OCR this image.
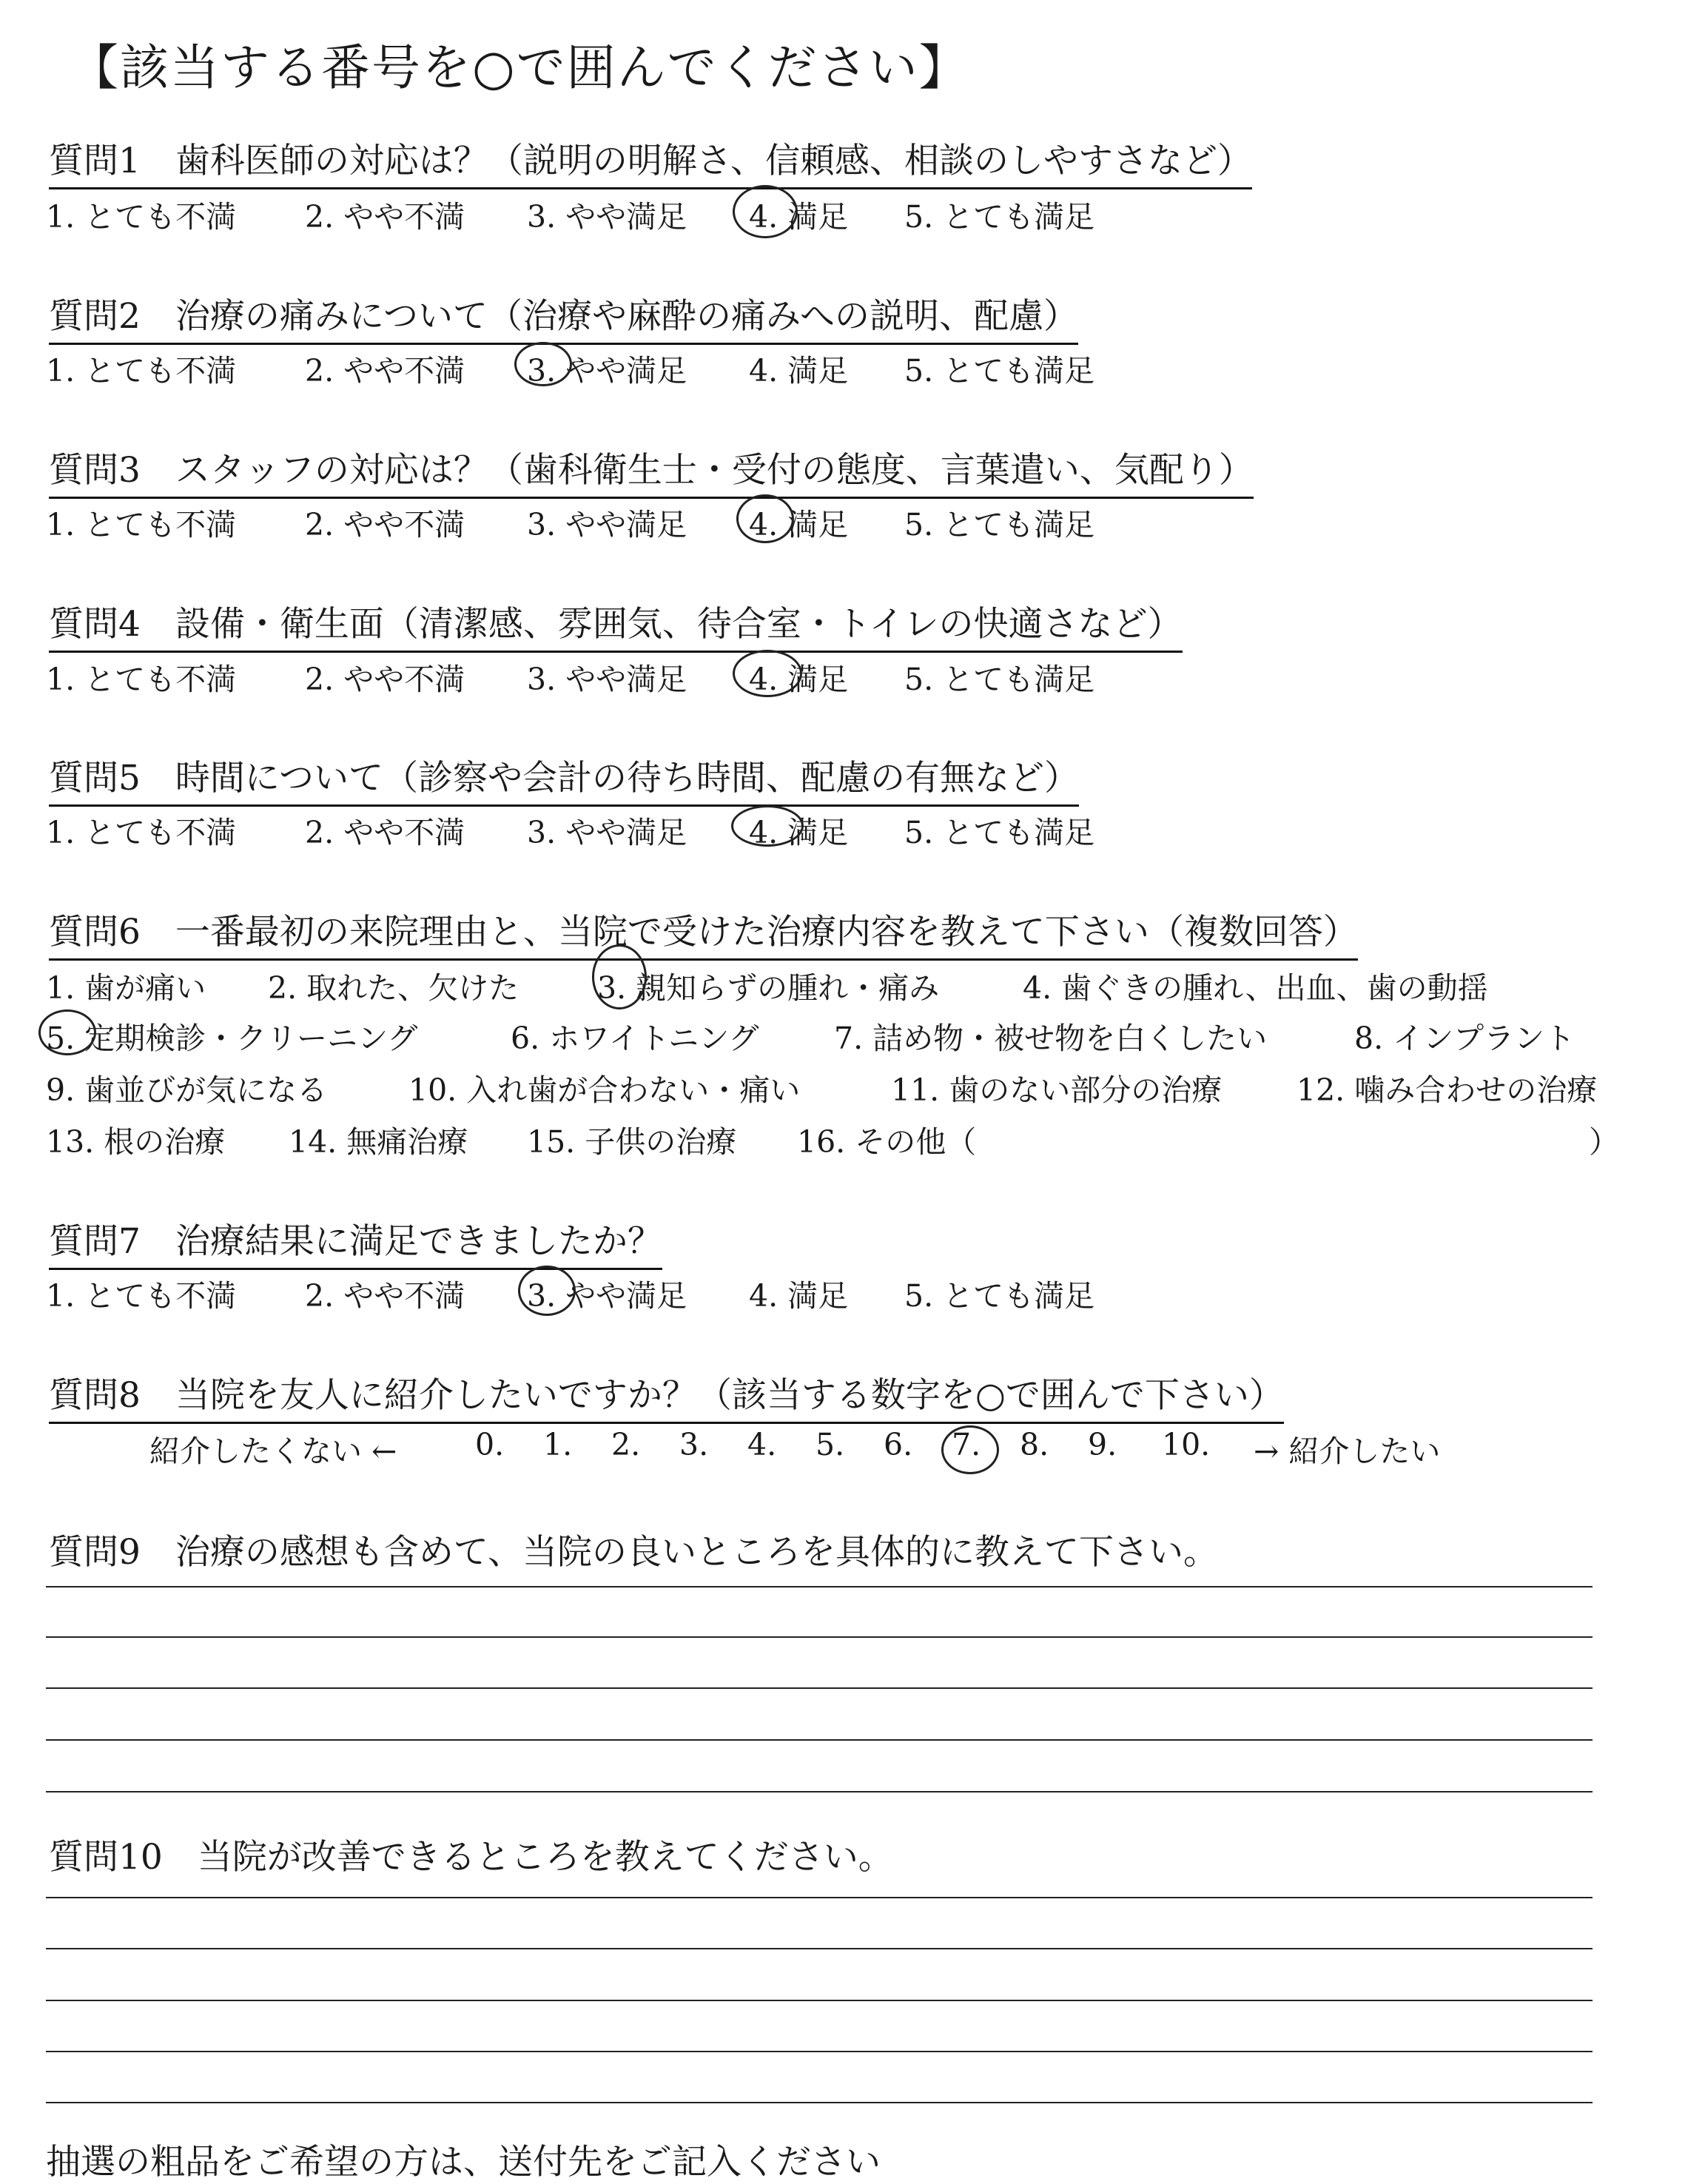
【該当する番号を○で囲んでください】
質問1　歯科医師の対応は？（説明の明解さ、信頼感、相談のしやすさなど）
1. とても不満 2. やや不満 3. やや満足 4. 満足 5. とても満足
質問2　治療の痛みについて（治療や麻酔の痛みへの説明、配慮）
1. とても不満 2. やや不満 3. やや満足 4. 満足 5. とても満足
質問3　スタッフの対応は？（歯科衛生士・受付の態度、言葉遣い、気配り）
1. とても不満 2. やや不満 3. やや満足 4. 満足 5. とても満足
質問4　設備・衛生面（清潔感、雰囲気、待合室・トイレの快適さなど）
1. とても不満 2. やや不満 3. やや満足 4. 満足 5. とても満足
質問5　時間について（診察や会計の待ち時間、配慮の有無など）
1. とても不満 2. やや不満 3. やや満足 4. 満足 5. とても満足
質問6　一番最初の来院理由と、当院で受けた治療内容を教えて下さい（複数回答）
1. 歯が痛い 2. 取れた、欠けた	3. 親知らずの腫れ・痛み	4. 歯ぐきの腫れ、出血、歯の動揺
5. 定期検診・クリーニング	6. ホワイトニング 7. 詰め物・被せ物を白くしたい	8. インプラント
9. 歯並びが気になる	10. 入れ歯が合わない・痛い	11. 歯のない部分の治療 12. 噛み合わせの治療
13. 根の治療 14. 無痛治療 15. 子供の治療 16. その他（	）
質問7　治療結果に満足できましたか？
1. とても不満 2. やや不満 3. やや満足 4. 満足 5. とても満足
質問8　当院を友人に紹介したいですか？（該当する数字を○で囲んで下さい）
紹介したくない ←	0. 1. 2. 3. 4. 5. 6. 7. 8. 9. 10. → 紹介したい
質問9　治療の感想も含めて、当院の良いところを具体的に教えて下さい。
質問10　当院が改善できるところを教えてください。
抽選の粗品をご希望の方は、送付先をご記入ください
